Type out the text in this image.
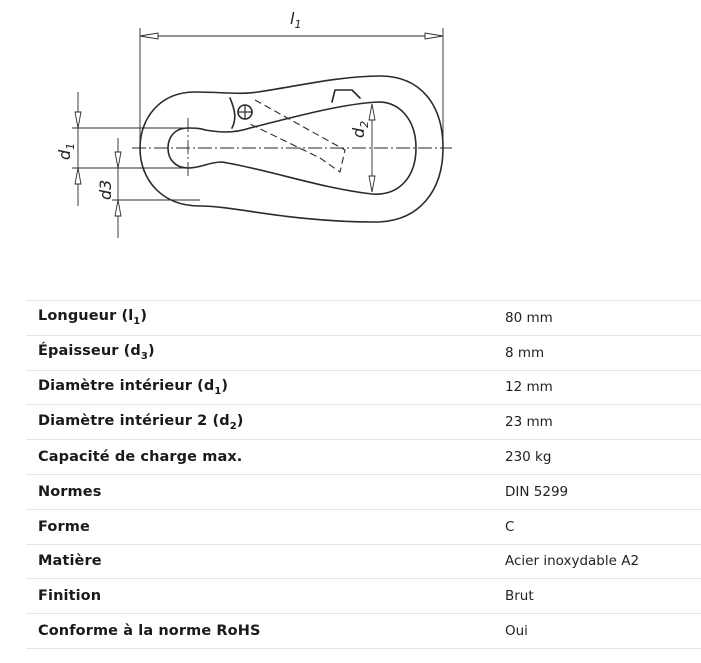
$l_1$
$d_1$
d3
$d_2$
Longueur $(l_1)$	80 mm
Épaisseur $(d_3)$	8 mm
Diamètre intérieur $(d_1)$	12 mm
Diamètre intérieur 2 $(d_2)$	23 mm
Capacité de charge max.	230 kg
Normes	DIN 5299
Forme	C
Matière	Acier inoxydable A2
Finition	Brut
Conforme à la norme RoHS	Oui
